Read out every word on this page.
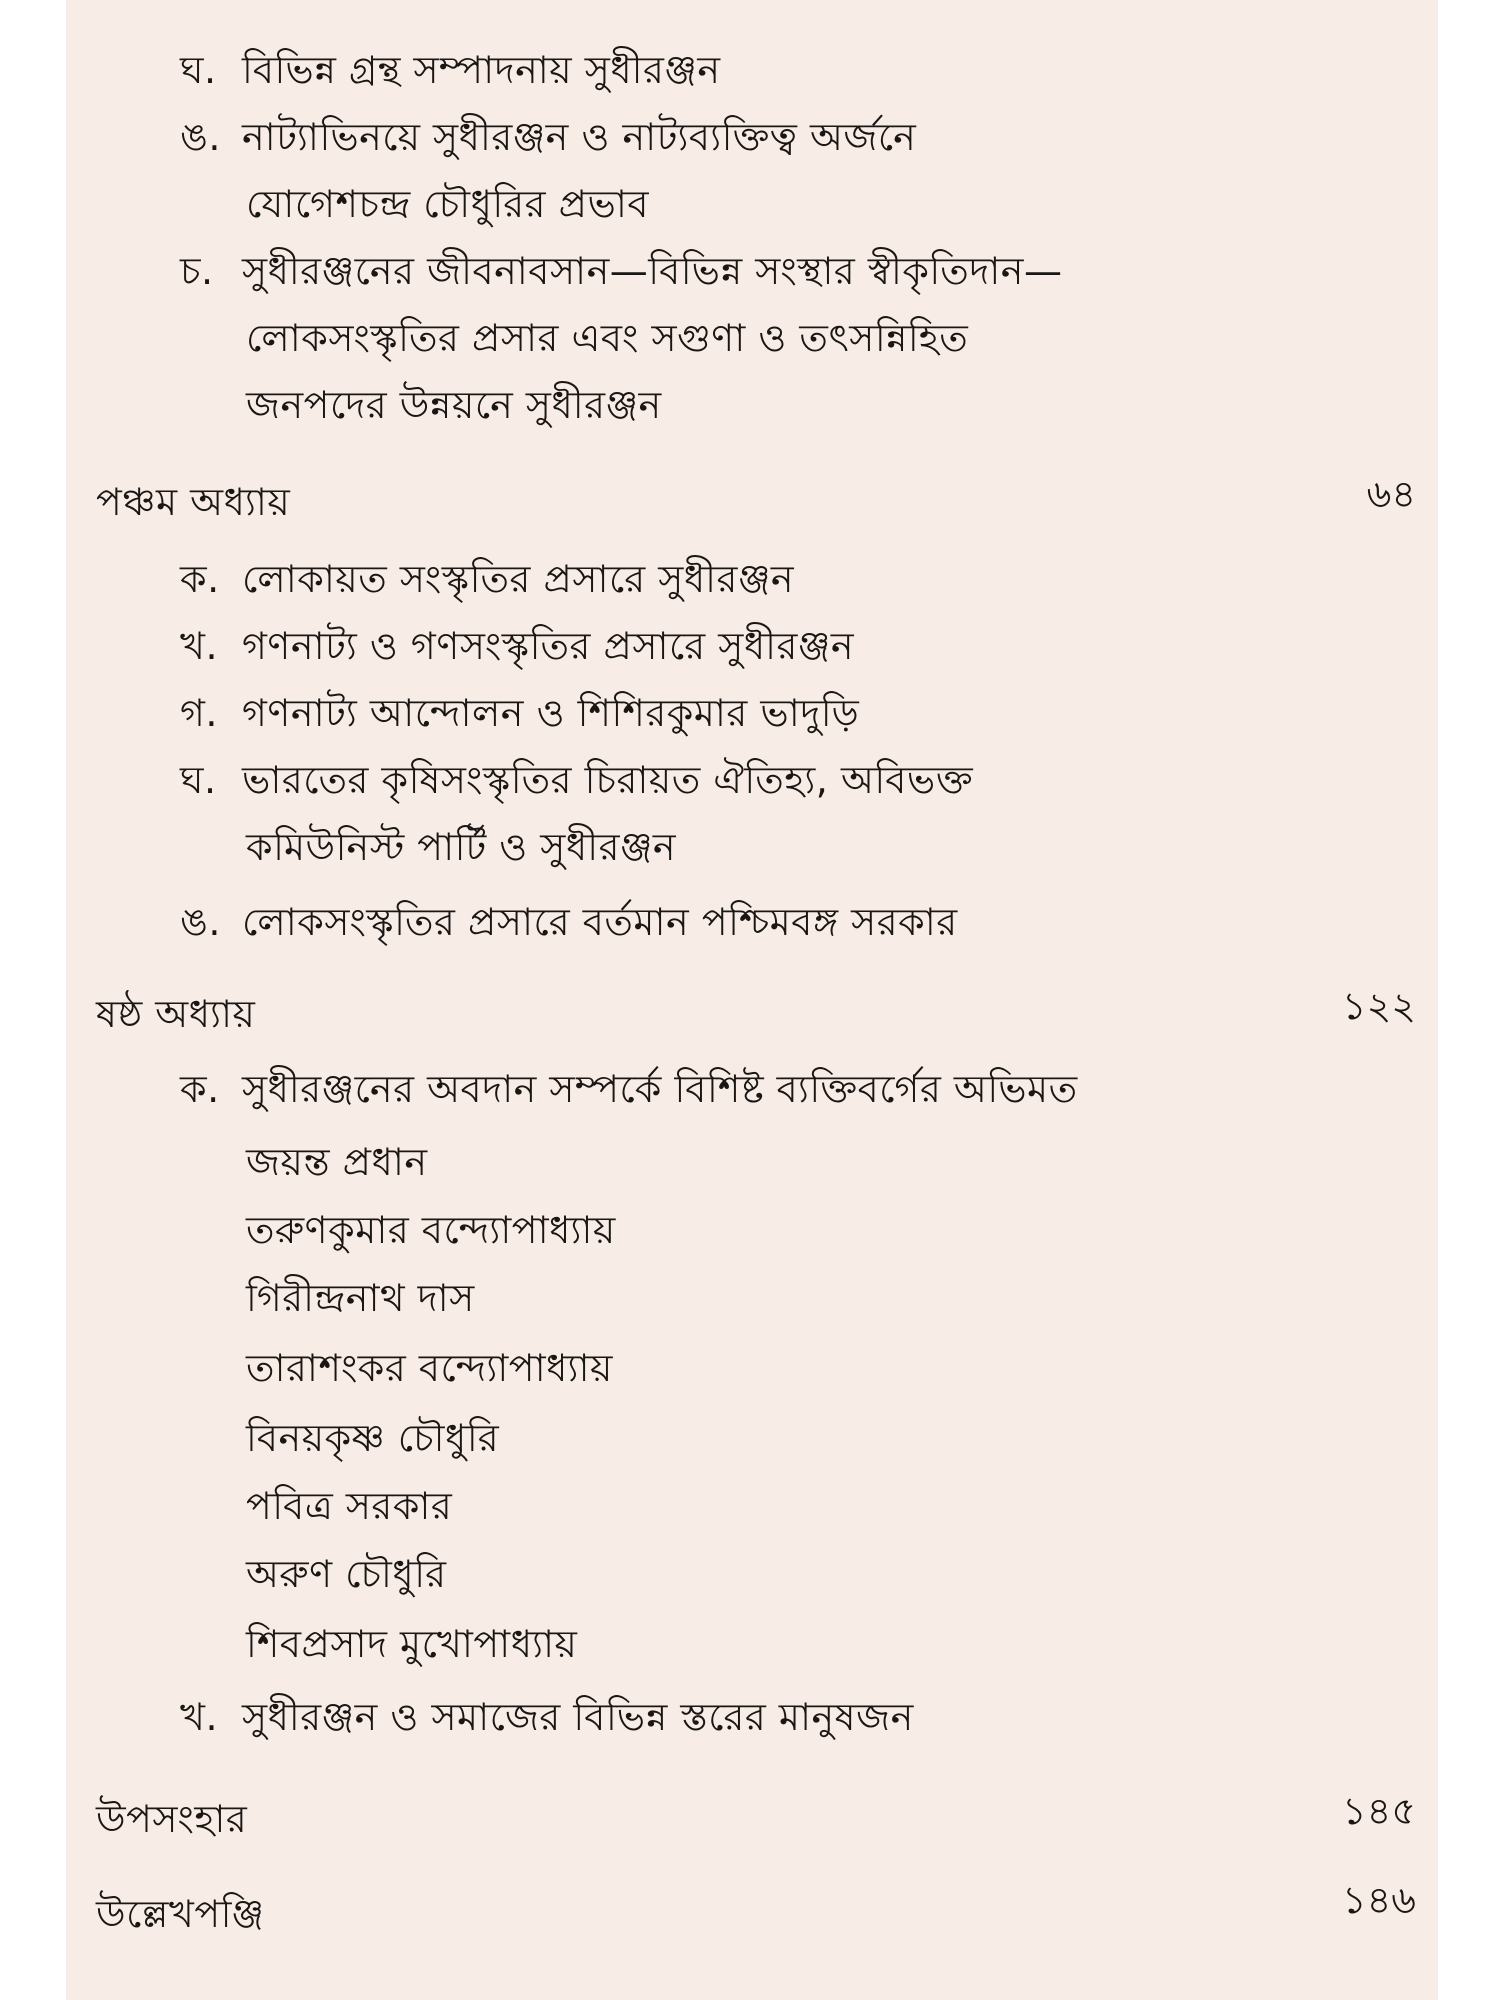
ঘ. বিভিন্ন গ্রন্থ সম্পাদনায় সুধীরঞ্জন
ঙ. নাট্যাভিনয়ে সুধীরঞ্জন ও নাট্যব্যক্তিত্ব অর্জনে
যোগেশচন্দ্র চৌধুরির প্রভাব
চ. সুধীরঞ্জনের জীবনাবসান—বিভিন্ন সংস্থার স্বীকৃতিদান—
লোকসংস্কৃতির প্রসার এবং সগুণা ও তৎসন্নিহিত
জনপদের উন্নয়নে সুধীরঞ্জন
পঞ্চম অধ্যায়	৬৪
ক. লোকায়ত সংস্কৃতির প্রসারে সুধীরঞ্জন
খ. গণনাট্য ও গণসংস্কৃতির প্রসারে সুধীরঞ্জন
গ. গণনাট্য আন্দোলন ও শিশিরকুমার ভাদুড়ি
ঘ. ভারতের কৃষিসংস্কৃতির চিরায়ত ঐতিহ্য, অবিভক্ত
কমিউনিস্ট পার্টি ও সুধীরঞ্জন
ঙ. লোকসংস্কৃতির প্রসারে বর্তমান পশ্চিমবঙ্গ সরকার
ষষ্ঠ অধ্যায়	১২২
ক. সুধীরঞ্জনের অবদান সম্পর্কে বিশিষ্ট ব্যক্তিবর্গের অভিমত
জয়ন্ত প্রধান
তরুণকুমার বন্দ্যোপাধ্যায়
গিরীন্দ্রনাথ দাস
তারাশংকর বন্দ্যোপাধ্যায়
বিনয়কৃষ্ণ চৌধুরি
পবিত্র সরকার
অরুণ চৌধুরি
শিবপ্রসাদ মুখোপাধ্যায়
খ. সুধীরঞ্জন ও সমাজের বিভিন্ন স্তরের মানুষজন
উপসংহার	১৪৫
উল্লেখপঞ্জি	১৪৬
